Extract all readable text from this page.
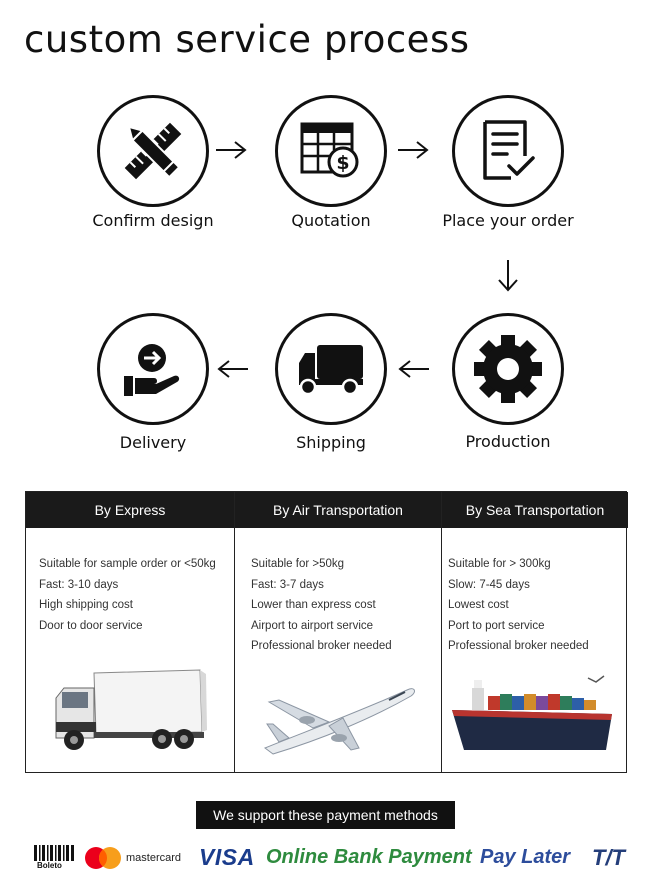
custom service process
Confirm design
$
Quotation	Place your order
Production
Shipping
Delivery
By Express
Suitable for sample order or <50kg
Fast: 3-10 days
High shipping cost
Door to door service
By Air Transportation
Suitable for >50kg
Fast: 3-7 days
Lower than express cost
Airport to airport service
Professional broker needed
By Sea Transportation
Suitable for > 300kg
Slow: 7-45 days
Lowest cost
Port to port service
Professional broker needed
We support these payment methods
Boleto
mastercard VISA Online Bank Payment Pay Later T/T
